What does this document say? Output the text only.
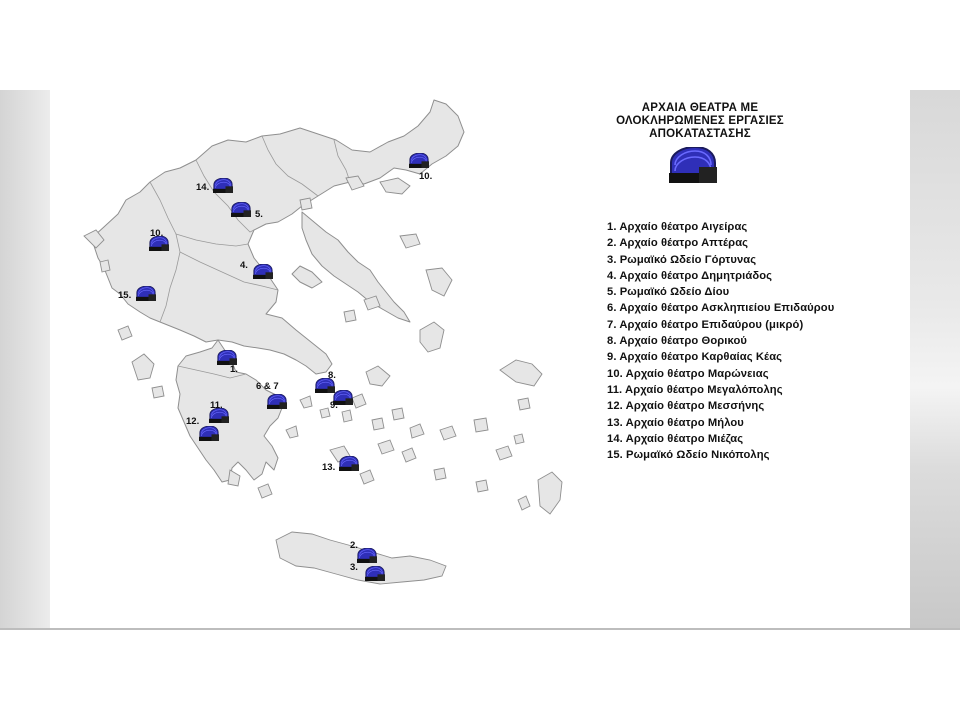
10.
14.
5.
10.
4.
15.
1.
6 & 7
8.
9.
11.
12.
13.
2.
3.
ΑΡΧΑΙΑ ΘΕΑΤΡΑ ΜΕ
ΟΛΟΚΛΗΡΩΜΕΝΕΣ ΕΡΓΑΣΙΕΣ
ΑΠΟΚΑΤΑΣΤΑΣΗΣ
1. Αρχαίο θέατρο Αιγείρας
2. Αρχαίο θέατρο Απτέρας
3. Ρωμαϊκό Ωδείο Γόρτυνας
4. Αρχαίο θέατρο Δημητριάδος
5. Ρωμαϊκό Ωδείο Δίου
6. Αρχαίο θέατρο Ασκληπιείου Επιδαύρου
7. Αρχαίο θέατρο Επιδαύρου (μικρό)
8. Αρχαίο θέατρο Θορικού
9. Αρχαίο θέατρο Καρθαίας Κέας
10. Αρχαίο θέατρο Μαρώνειας
11. Αρχαίο θέατρο Μεγαλόπολης
12. Αρχαίο θέατρο Μεσσήνης
13. Αρχαίο θέατρο Μήλου
14. Αρχαίο θέατρο Μιέζας
15. Ρωμαϊκό Ωδείο Νικόπολης
